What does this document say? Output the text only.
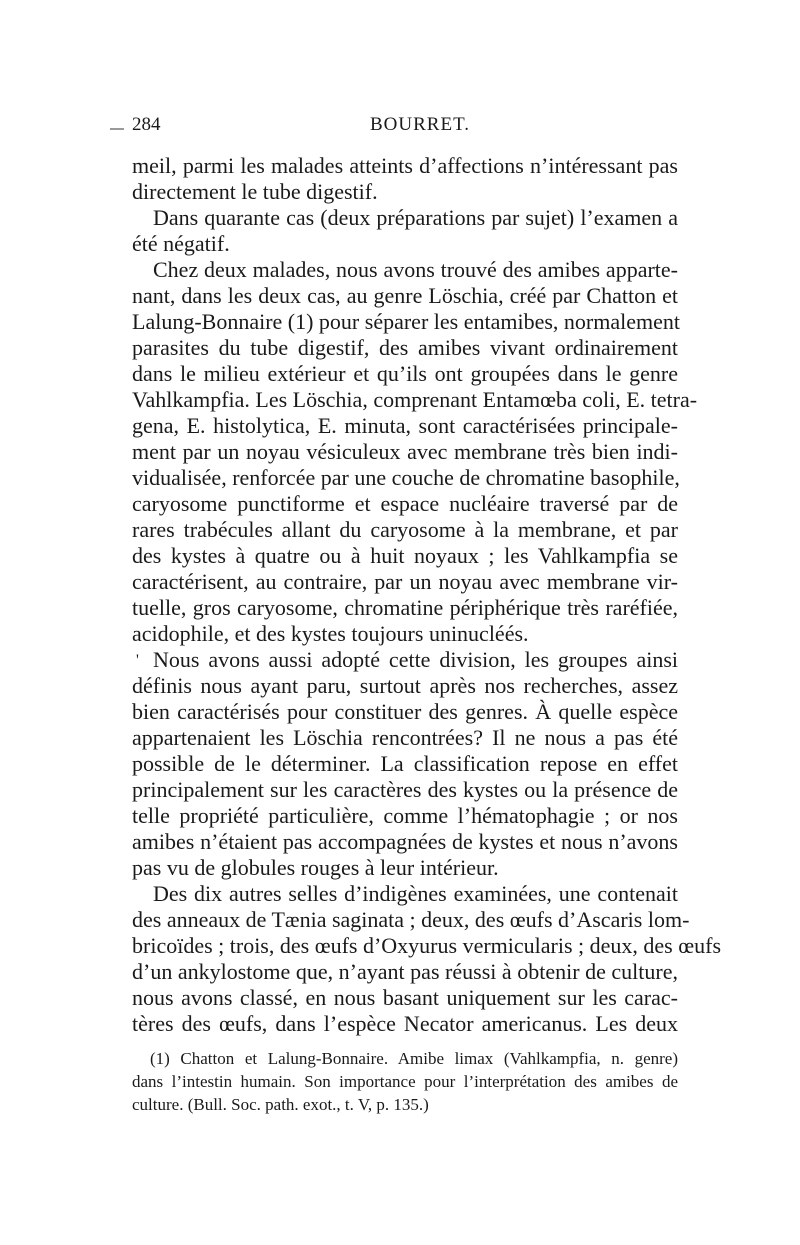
284	BOURRET.
meil, parmi les malades atteints d’affections n’intéressant pas
directement le tube digestif.
Dans quarante cas (deux préparations par sujet) l’examen a
été négatif.
Chez deux malades, nous avons trouvé des amibes apparte-
nant, dans les deux cas, au genre Löschia, créé par Chatton et
Lalung-Bonnaire (1) pour séparer les entamibes, normalement
parasites du tube digestif, des amibes vivant ordinairement
dans le milieu extérieur et qu’ils ont groupées dans le genre
Vahlkampfia. Les Löschia, comprenant Entamœba coli, E. tetra-
gena, E. histolytica, E. minuta, sont caractérisées principale-
ment par un noyau vésiculeux avec membrane très bien indi-
vidualisée, renforcée par une couche de chromatine basophile,
caryosome punctiforme et espace nucléaire traversé par de
rares trabécules allant du caryosome à la membrane, et par
des kystes à quatre ou à huit noyaux ; les Vahlkampfia se
caractérisent, au contraire, par un noyau avec membrane vir-
tuelle, gros caryosome, chromatine périphérique très raréfiée,
acidophile, et des kystes toujours uninucléés.
' Nous avons aussi adopté cette division, les groupes ainsi
définis nous ayant paru, surtout après nos recherches, assez
bien caractérisés pour constituer des genres. À quelle espèce
appartenaient les Löschia rencontrées? Il ne nous a pas été
possible de le déterminer. La classification repose en effet
principalement sur les caractères des kystes ou la présence de
telle propriété particulière, comme l’hématophagie ; or nos
amibes n’étaient pas accompagnées de kystes et nous n’avons
pas vu de globules rouges à leur intérieur.
Des dix autres selles d’indigènes examinées, une contenait
des anneaux de Tænia saginata ; deux, des œufs d’Ascaris lom-
bricoïdes ; trois, des œufs d’Oxyurus vermicularis ; deux, des œufs
d’un ankylostome que, n’ayant pas réussi à obtenir de culture,
nous avons classé, en nous basant uniquement sur les carac-
tères des œufs, dans l’espèce Necator americanus. Les deux
(1) Chatton et Lalung-Bonnaire. Amibe limax (Vahlkampfia, n. genre)
dans l’intestin humain. Son importance pour l’interprétation des amibes de
culture. (Bull. Soc. path. exot., t. V, p. 135.)
